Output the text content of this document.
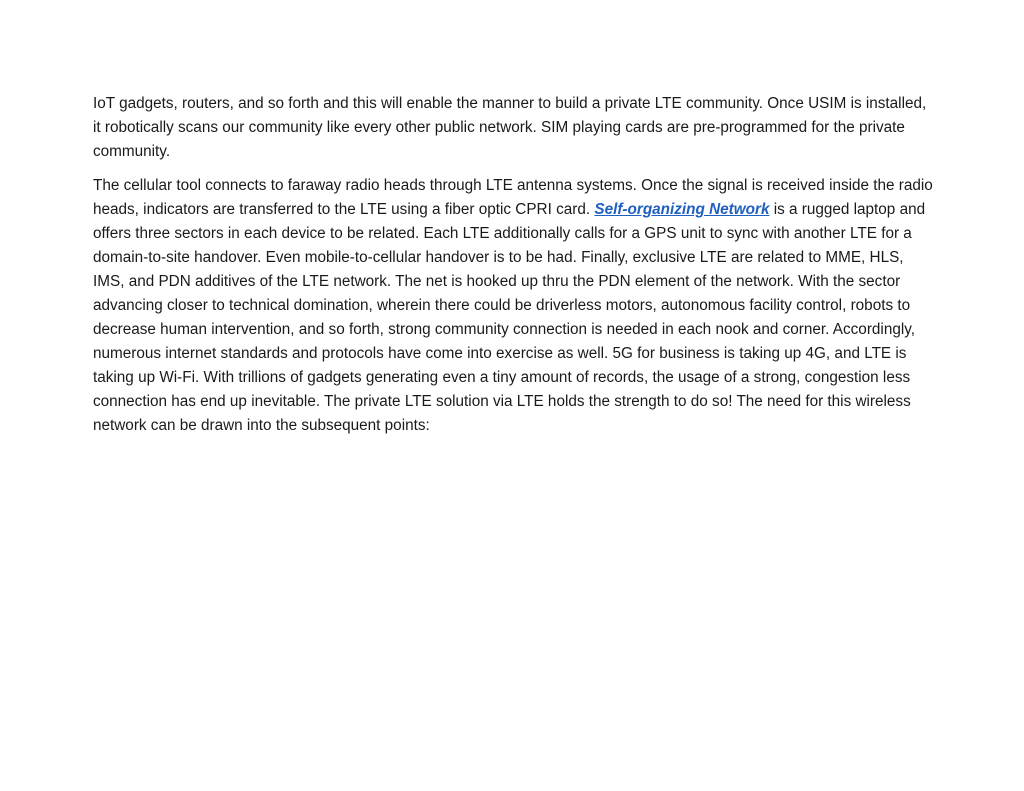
IoT gadgets, routers, and so forth and this will enable the manner to build a private LTE community. Once USIM is installed, it robotically scans our community like every other public network. SIM playing cards are pre-programmed for the private community.

The cellular tool connects to faraway radio heads through LTE antenna systems. Once the signal is received inside the radio heads, indicators are transferred to the LTE using a fiber optic CPRI card. Self-organizing Network is a rugged laptop and offers three sectors in each device to be related. Each LTE additionally calls for a GPS unit to sync with another LTE for a domain-to-site handover. Even mobile-to-cellular handover is to be had. Finally, exclusive LTE are related to MME, HLS, IMS, and PDN additives of the LTE network. The net is hooked up thru the PDN element of the network. With the sector advancing closer to technical domination, wherein there could be driverless motors, autonomous facility control, robots to decrease human intervention, and so forth, strong community connection is needed in each nook and corner. Accordingly, numerous internet standards and protocols have come into exercise as well. 5G for business is taking up 4G, and LTE is taking up Wi-Fi. With trillions of gadgets generating even a tiny amount of records, the usage of a strong, congestion less connection has end up inevitable. The private LTE solution via LTE holds the strength to do so! The need for this wireless network can be drawn into the subsequent points:
